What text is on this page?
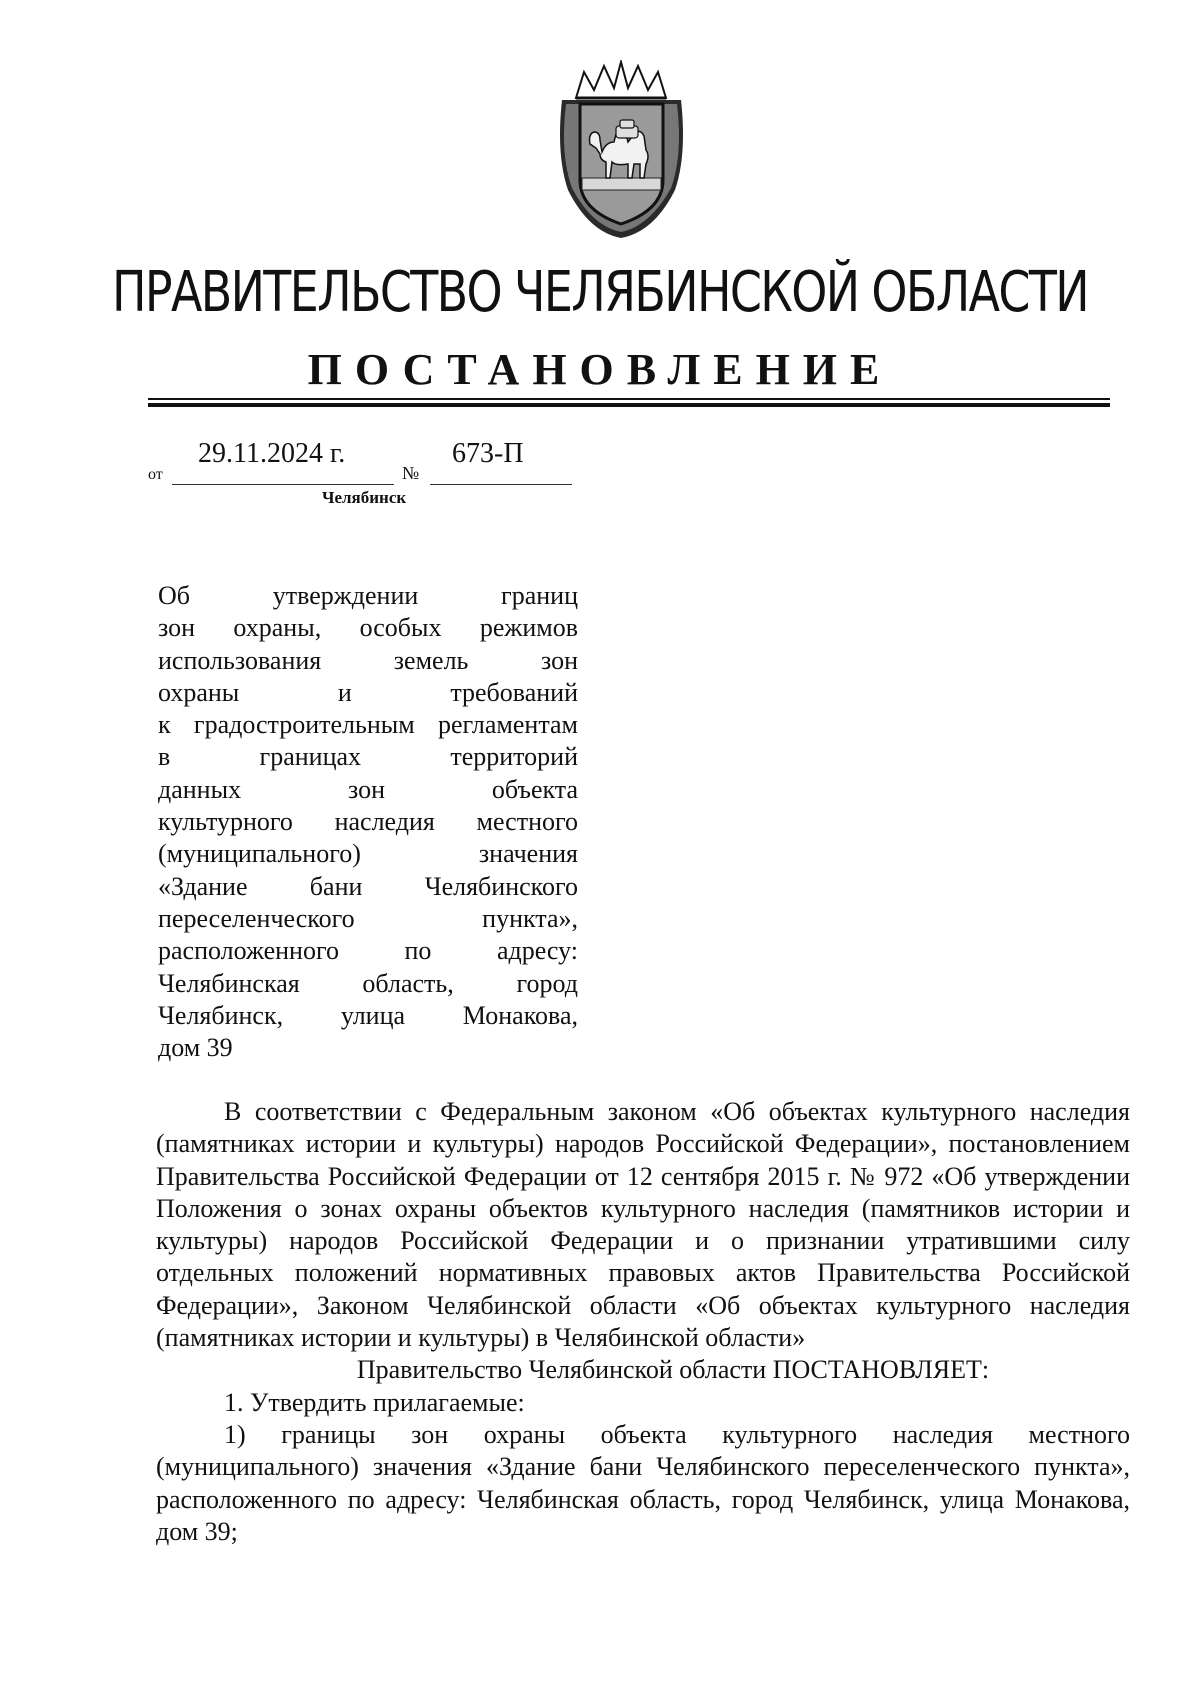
ПРАВИТЕЛЬСТВО ЧЕЛЯБИНСКОЙ ОБЛАСТИ
ПОСТАНОВЛЕНИЕ
от
29.11.2024 г.
№
673-П
Челябинск
Об утверждении границ
зон охраны, особых режимов
использования земель зон
охраны и требований
к градостроительным регламентам
в границах территорий
данных зон объекта
культурного наследия местного
(муниципального) значения
«Здание бани Челябинского
переселенческого пункта»,
расположенного по адресу:
Челябинская область, город
Челябинск, улица Монакова,
дом 39

В соответствии с Федеральным законом «Об объектах культурного наследия (памятниках истории и культуры) народов Российской Федерации», постановлением Правительства Российской Федерации от 12 сентября 2015 г. № 972 «Об утверждении Положения о зонах охраны объектов культурного наследия (памятников истории и культуры) народов Российской Федерации и о признании утратившими силу отдельных положений нормативных правовых актов Правительства Российской Федерации», Законом Челябинской области «Об объектах культурного наследия (памятниках истории и культуры) в Челябинской области»

Правительство Челябинской области ПОСТАНОВЛЯЕТ:

1. Утвердить прилагаемые:

1) границы зон охраны объекта культурного наследия местного (муниципального) значения «Здание бани Челябинского переселенческого пункта», расположенного по адресу: Челябинская область, город Челябинск, улица Монакова, дом 39;
